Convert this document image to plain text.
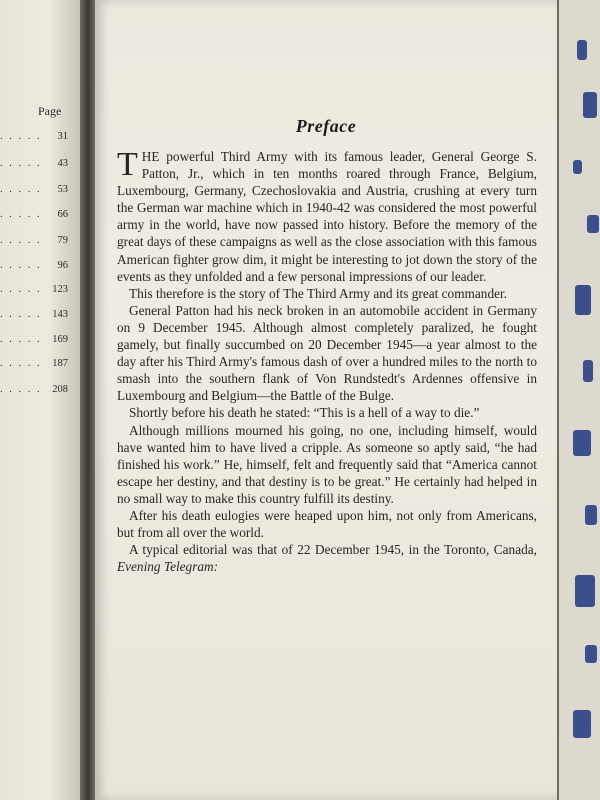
Page
. . . . . 31
. . . . . 43
. . . . . 53
. . . . . 66
. . . . . 79
. . . . . 96
. . . . . 123
. . . . . 143
. . . . . 169
. . . . . 187
. . . . . 208
Preface

THE powerful Third Army with its famous leader, General George S. Patton, Jr., which in ten months roared through France, Belgium, Luxembourg, Germany, Czechoslovakia and Austria, crushing at every turn the German war machine which in 1940-42 was considered the most powerful army in the world, have now passed into history. Before the memory of the great days of these campaigns as well as the close association with this famous American fighter grow dim, it might be interesting to jot down the story of the events as they unfolded and a few personal impressions of our leader.

This therefore is the story of The Third Army and its great commander.

General Patton had his neck broken in an automobile accident in Germany on 9 December 1945. Although almost completely paralized, he fought gamely, but finally succumbed on 20 December 1945—a year almost to the day after his Third Army's famous dash of over a hundred miles to the north to smash into the southern flank of Von Rundstedt's Ardennes offensive in Luxembourg and Belgium—the Battle of the Bulge.

Shortly before his death he stated: “This is a hell of a way to die.”

Although millions mourned his going, no one, including himself, would have wanted him to have lived a cripple. As someone so aptly said, “he had finished his work.” He, himself, felt and frequently said that “America cannot escape her destiny, and that destiny is to be great.” He certainly had helped in no small way to make this country fulfill its destiny.

After his death eulogies were heaped upon him, not only from Americans, but from all over the world.

A typical editorial was that of 22 December 1945, in the Toronto, Canada, Evening Telegram:
